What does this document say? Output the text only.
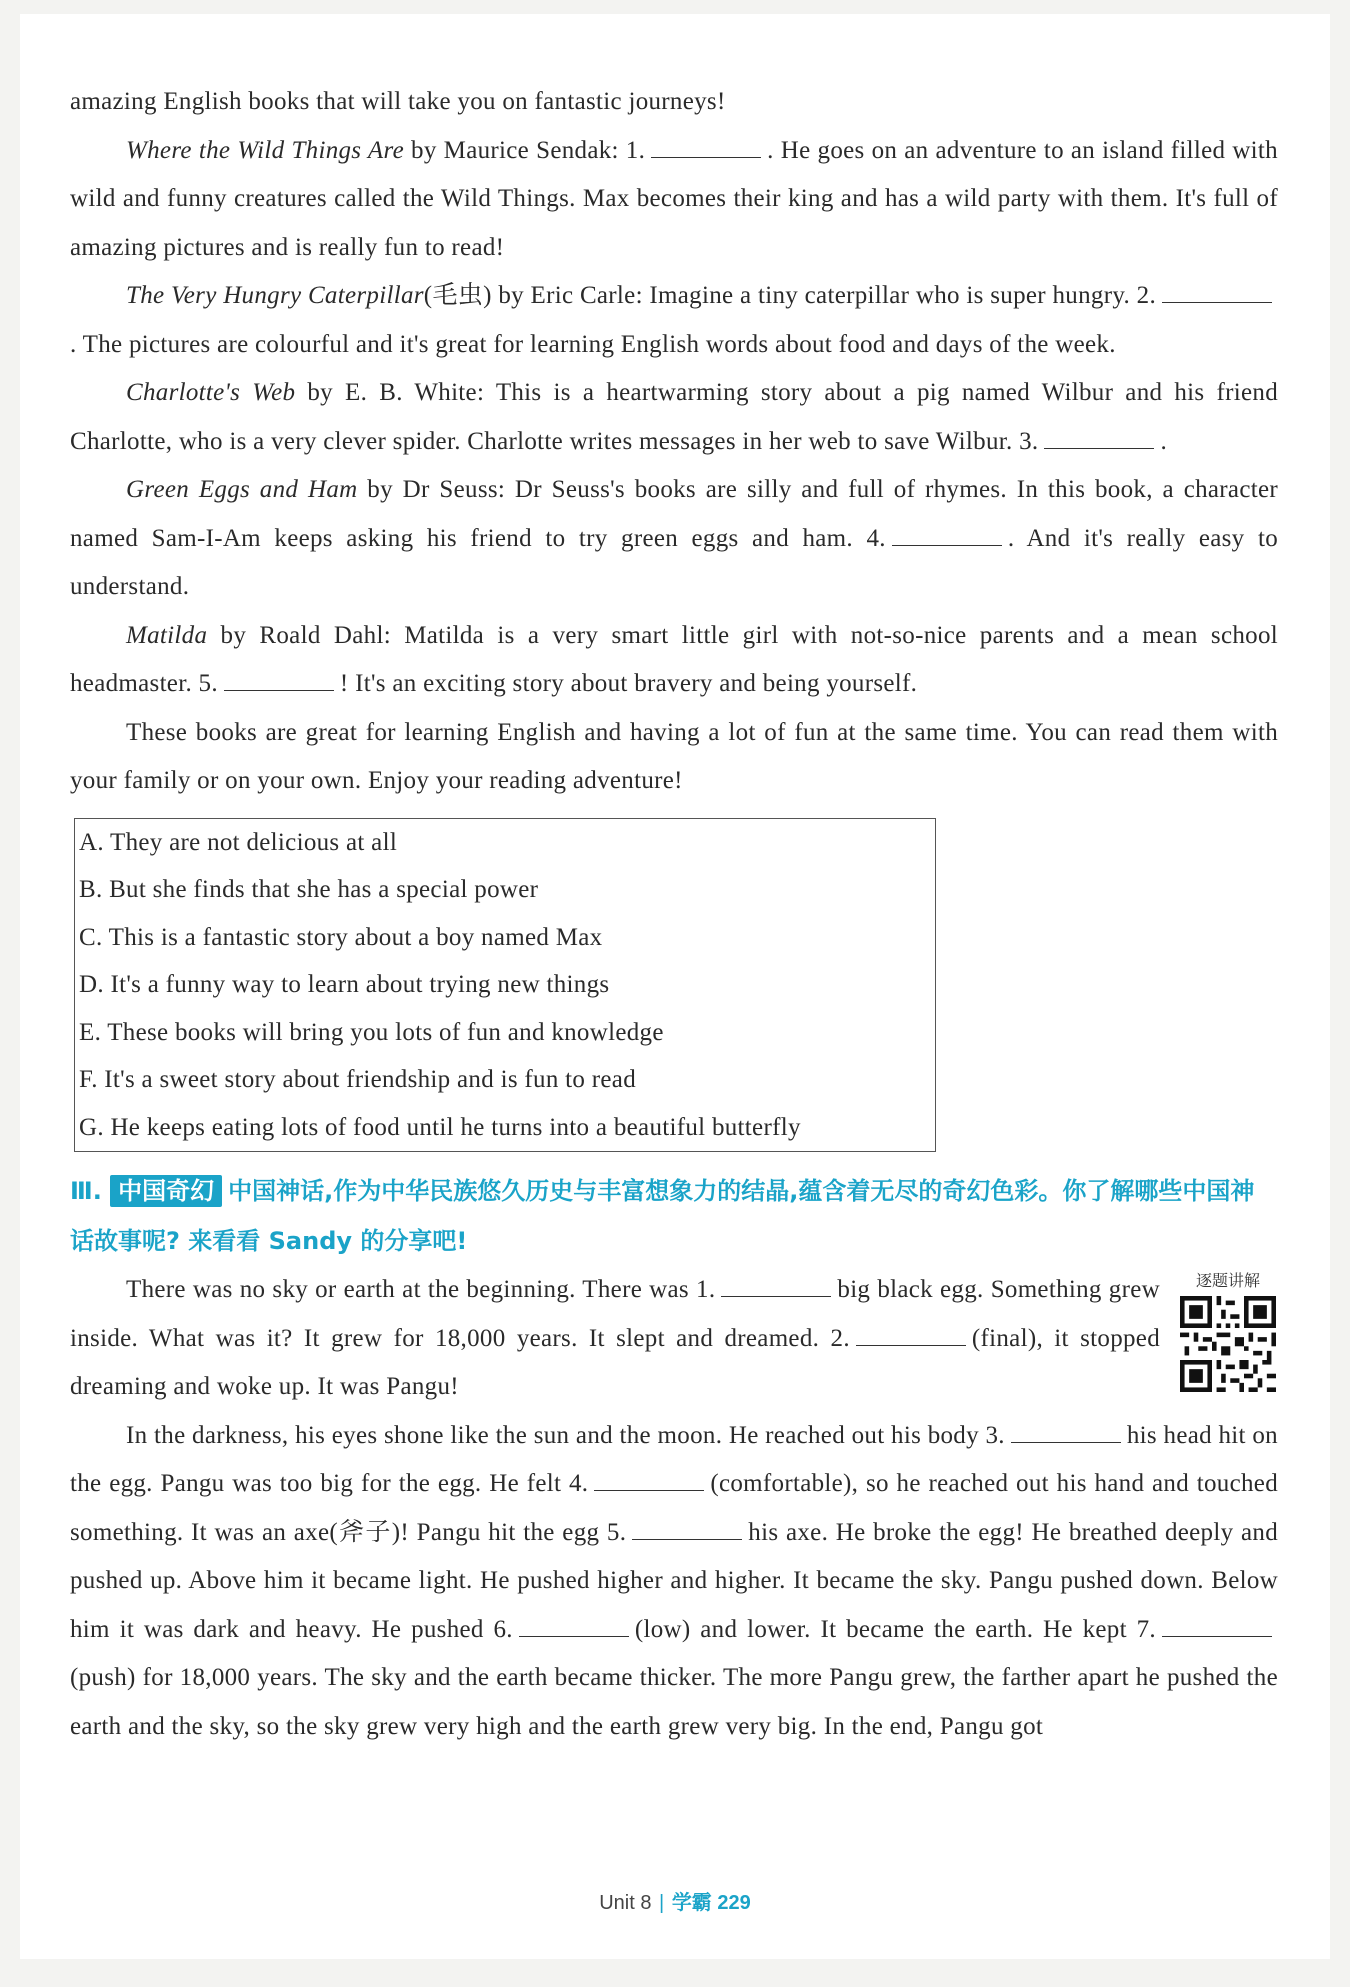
amazing English books that will take you on fantastic journeys!

Where the Wild Things Are by Maurice Sendak: 1.	. He goes on an adventure to an island filled with wild and funny creatures called the Wild Things. Max becomes their king and has a wild party with them. It's full of amazing pictures and is really fun to read!

The Very Hungry Caterpillar(毛虫) by Eric Carle: Imagine a tiny caterpillar who is super hungry. 2.. The pictures are colourful and it's great for learning English words about food and days of the week.

Charlotte's Web by E. B. White: This is a heartwarming story about a pig named Wilbur and his friend Charlotte, who is a very clever spider. Charlotte writes messages in her web to save Wilbur. 3.	.

Green Eggs and Ham by Dr Seuss: Dr Seuss's books are silly and full of rhymes. In this book, a character named Sam-I-Am keeps asking his friend to try green eggs and ham. 4.	. And it's really easy to understand.

Matilda by Roald Dahl: Matilda is a very smart little girl with not-so-nice parents and a mean school headmaster. 5.	! It's an exciting story about bravery and being yourself.

These books are great for learning English and having a lot of fun at the same time. You can read them with your family or on your own. Enjoy your reading adventure!

A. They are not delicious at all
B. But she finds that she has a special power
C. This is a fantastic story about a boy named Max
D. It's a funny way to learn about trying new things
E. These books will bring you lots of fun and knowledge
F. It's a sweet story about friendship and is fun to read
G. He keeps eating lots of food until he turns into a beautiful butterfly
Ⅲ. 中国奇幻 中国神话,作为中华民族悠久历史与丰富想象力的结晶,蕴含着无尽的奇幻色彩。你了解哪些中国神话故事呢? 来看看 Sandy 的分享吧!
逐题讲解

There was no sky or earth at the beginning. There was 1.	big black egg. Something grew inside. What was it? It grew for 18,000 years. It slept and dreamed. 2.	(final), it stopped dreaming and woke up. It was Pangu!

In the darkness, his eyes shone like the sun and the moon. He reached out his body 3.	his head hit on the egg. Pangu was too big for the egg. He felt 4.	(comfortable), so he reached out his hand and touched something. It was an axe(斧子)! Pangu hit the egg 5.	his axe. He broke the egg! He breathed deeply and pushed up. Above him it became light. He pushed higher and higher. It became the sky. Pangu pushed down. Below him it was dark and heavy. He pushed 6.	(low) and lower. It became the earth. He kept 7.(push) for 18,000 years. The sky and the earth became thicker. The more Pangu grew, the farther apart he pushed the earth and the sky, so the sky grew very high and the earth grew very big. In the end, Pangu got

Unit 8 | 学霸 229
